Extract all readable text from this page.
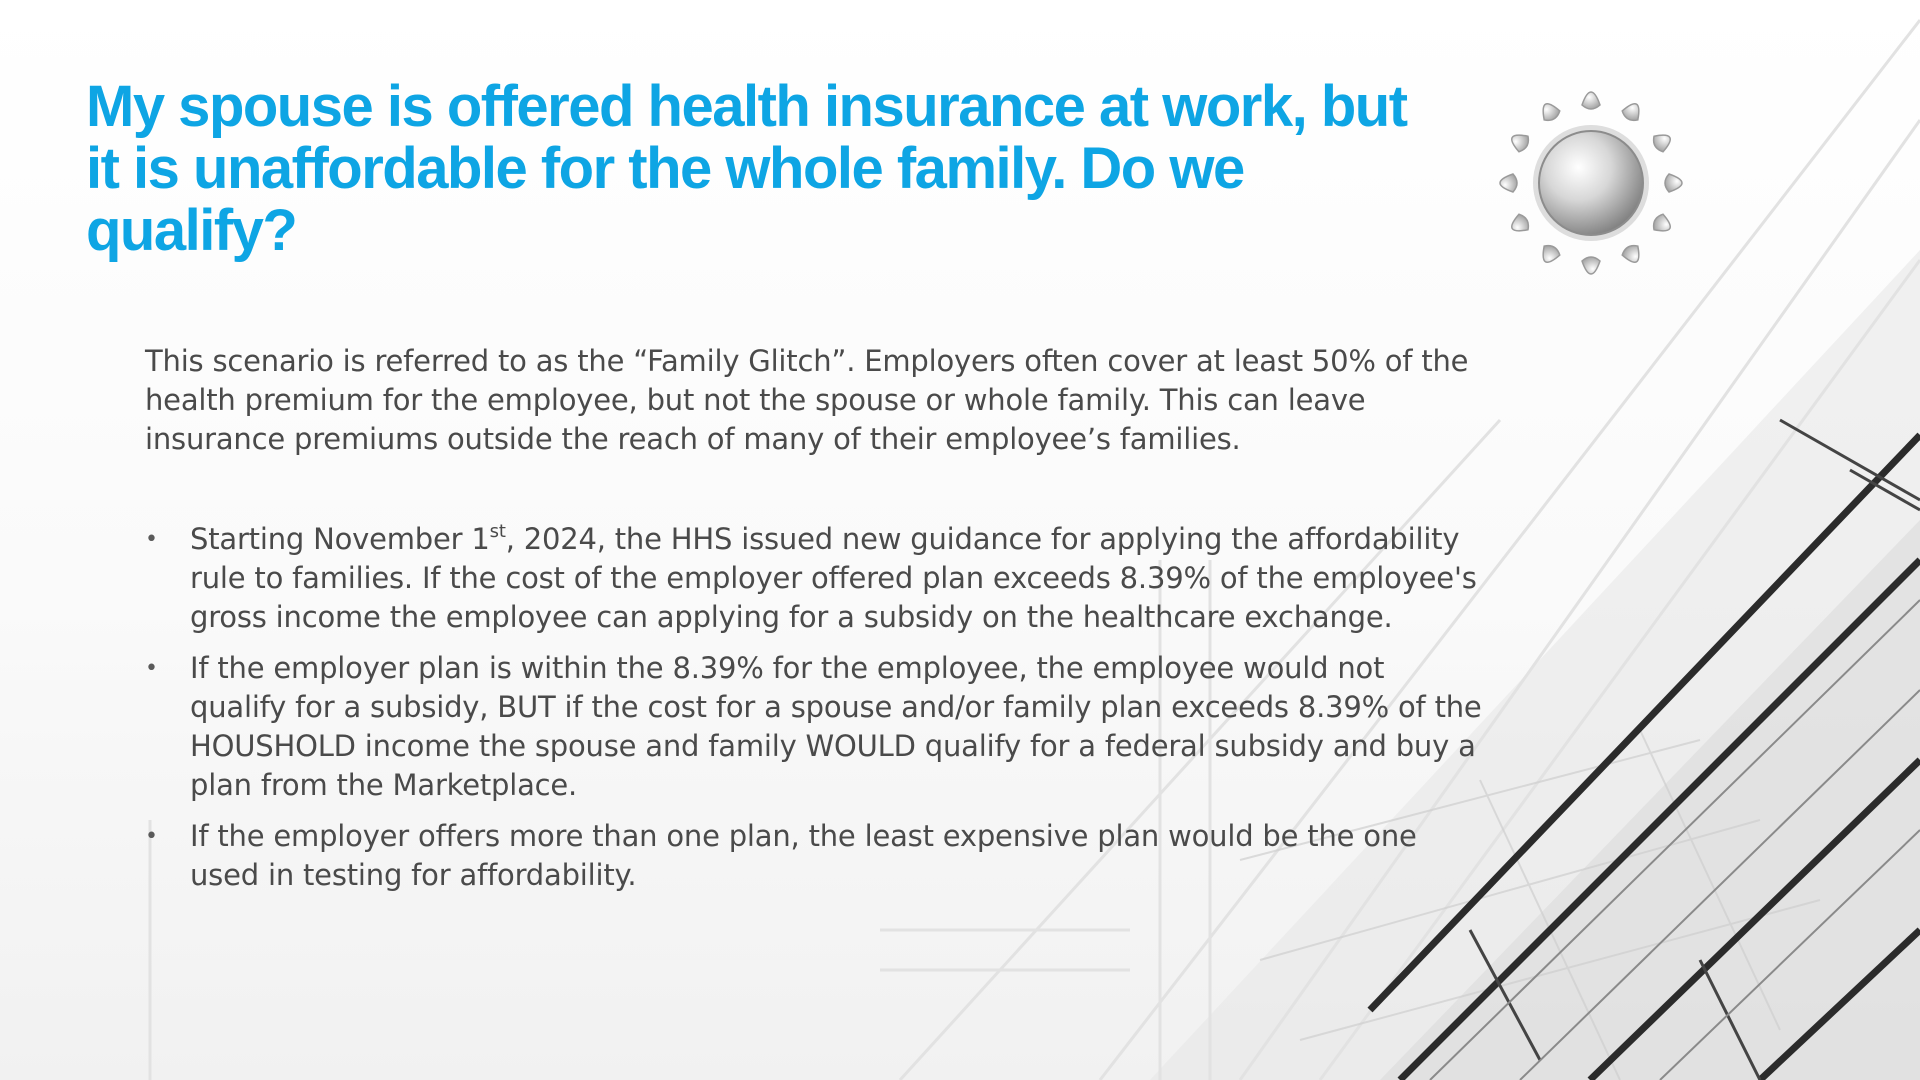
My spouse is offered health insurance at work, but it is unaffordable for the whole family. Do we qualify?

This scenario is referred to as the “Family Glitch”. Employers often cover at least 50% of the health premium for the employee, but not the spouse or whole family. This can leave insurance premiums outside the reach of many of their employee’s families.

• Starting November 1st, 2024, the HHS issued new guidance for applying the affordability rule to families. If the cost of the employer offered plan exceeds 8.39% of the employee's gross income the employee can applying for a subsidy on the healthcare exchange.
• If the employer plan is within the 8.39% for the employee, the employee would not qualify for a subsidy, BUT if the cost for a spouse and/or family plan exceeds 8.39% of the HOUSHOLD income the spouse and family WOULD qualify for a federal subsidy and buy a plan from the Marketplace.
• If the employer offers more than one plan, the least expensive plan would be the one used in testing for affordability.
